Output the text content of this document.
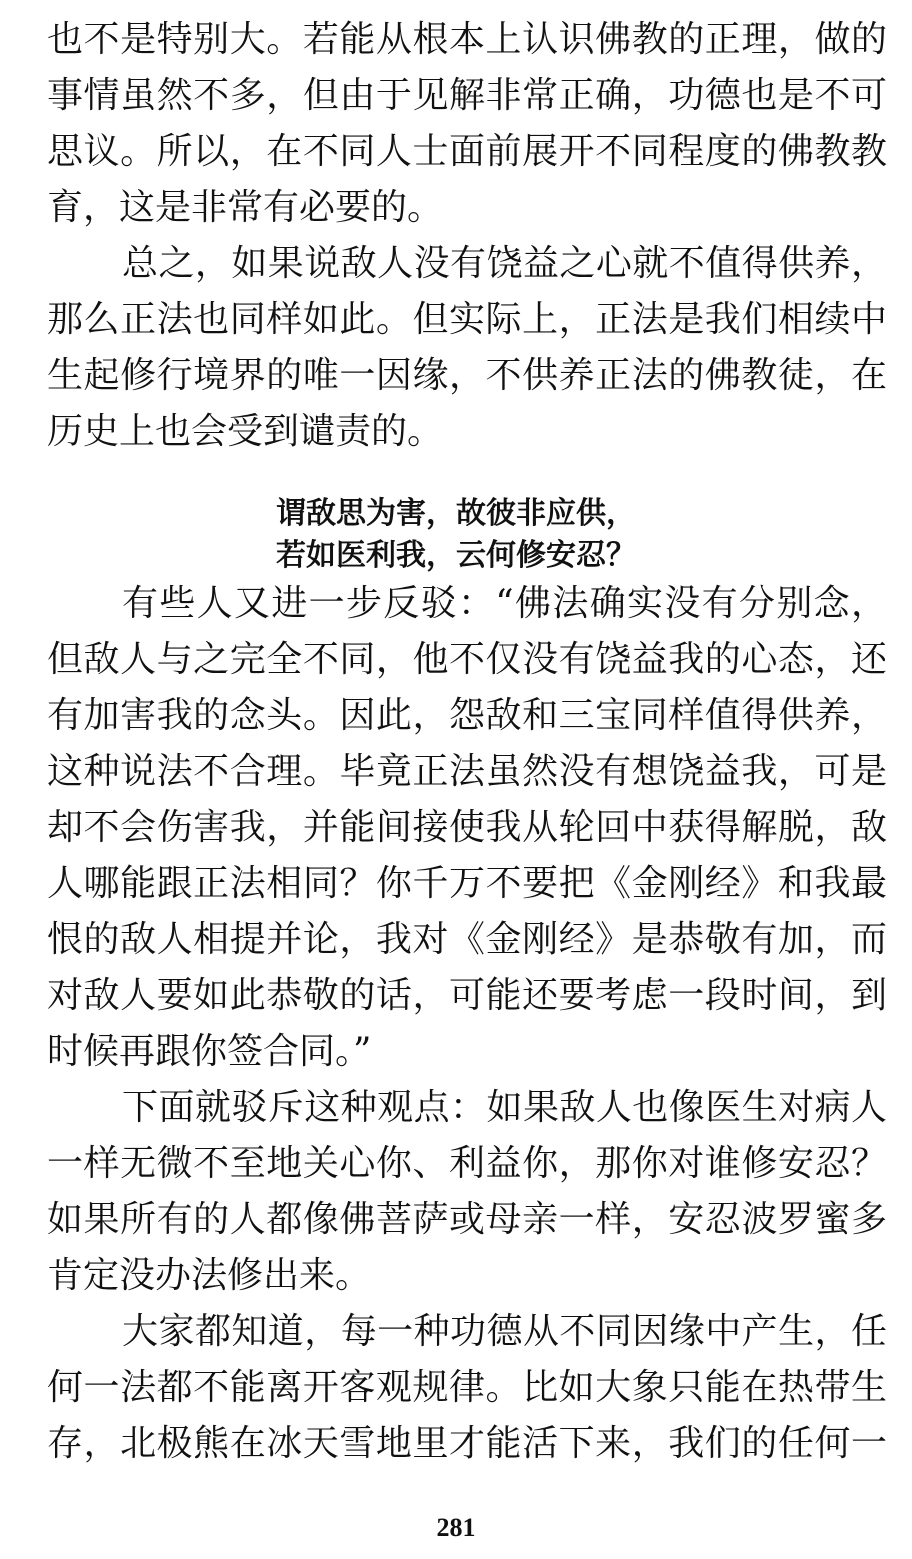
也不是特别大。若能从根本上认识佛教的正理，做的
事情虽然不多，但由于见解非常正确，功德也是不可
思议。所以，在不同人士面前展开不同程度的佛教教
育，这是非常有必要的。
总之，如果说敌人没有饶益之心就不值得供养，
那么正法也同样如此。但实际上，正法是我们相续中
生起修行境界的唯一因缘，不供养正法的佛教徒，在
历史上也会受到谴责的。
谓敌思为害，故彼非应供，
若如医利我，云何修安忍？
有些人又进一步反驳：“佛法确实没有分别念，
但敌人与之完全不同，他不仅没有饶益我的心态，还
有加害我的念头。因此，怨敌和三宝同样值得供养，
这种说法不合理。毕竟正法虽然没有想饶益我，可是
却不会伤害我，并能间接使我从轮回中获得解脱，敌
人哪能跟正法相同？你千万不要把《金刚经》和我最
恨的敌人相提并论，我对《金刚经》是恭敬有加，而
对敌人要如此恭敬的话，可能还要考虑一段时间，到
时候再跟你签合同。”
下面就驳斥这种观点：如果敌人也像医生对病人
一样无微不至地关心你、利益你，那你对谁修安忍？
如果所有的人都像佛菩萨或母亲一样，安忍波罗蜜多
肯定没办法修出来。
大家都知道，每一种功德从不同因缘中产生，任
何一法都不能离开客观规律。比如大象只能在热带生
存，北极熊在冰天雪地里才能活下来，我们的任何一
281
